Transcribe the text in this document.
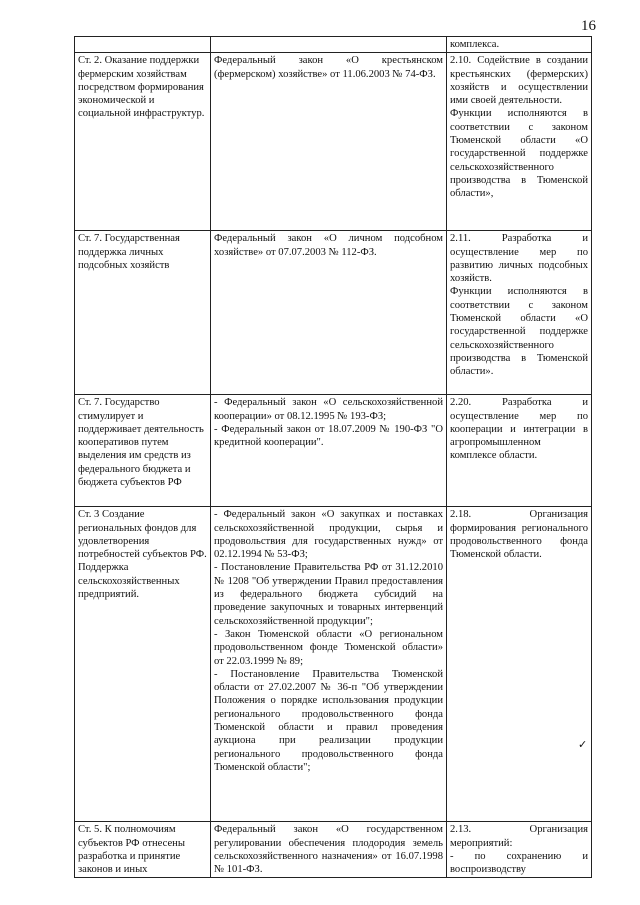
16

		комплекса.

Ст. 2. Оказание поддержки фермерским хозяйствам посредством формирования экономической и социальной инфраструктур.	Федеральный закон «О крестьянском (фермерском) хозяйстве» от 11.06.2003 № 74-ФЗ.	2.10. Содействие в создании крестьянских (фермерских) хозяйств и осуществлении ими своей деятельности.
Функции исполняются в соответствии с законом Тюменской области «О государственной поддержке сельскохозяйственного производства в Тюменской области»,

Ст. 7. Государственная поддержка личных подсобных хозяйств	Федеральный закон «О личном подсобном хозяйстве» от 07.07.2003 № 112-ФЗ.	2.11. Разработка и осуществление мер по развитию личных подсобных хозяйств.
Функции исполняются в соответствии с законом Тюменской области «О государственной поддержке сельскохозяйственного производства в Тюменской области».

Ст. 7. Государство стимулирует и поддерживает деятельность кооперативов путем выделения им средств из федерального бюджета и бюджета субъектов РФ	- Федеральный закон «О сельскохозяйственной кооперации» от 08.12.1995 № 193-ФЗ;
- Федеральный закон от 18.07.2009 № 190-ФЗ "О кредитной кооперации".	2.20. Разработка и осуществление мер по кооперации и интеграции в агропромышленном комплексе области.

Ст. 3 Создание региональных фондов для удовлетворения потребностей субъектов РФ.
Поддержка сельскохозяйственных предприятий.	- Федеральный закон «О закупках и поставках сельскохозяйственной продукции, сырья и продовольствия для государственных нужд» от 02.12.1994 № 53-ФЗ;
- Постановление Правительства РФ от 31.12.2010 № 1208 "Об утверждении Правил предоставления из федерального бюджета субсидий на проведение закупочных и товарных интервенций сельскохозяйственной продукции";
- Закон Тюменской области «О региональном продовольственном фонде Тюменской области» от 22.03.1999 № 89;
- Постановление Правительства Тюменской области от 27.02.2007 № 36-п "Об утверждении Положения о порядке использования продукции регионального продовольственного фонда Тюменской области и правил проведения аукциона при реализации продукции регионального продовольственного фонда Тюменской области";	2.18. Организация формирования регионального продовольственного фонда Тюменской области.

Ст. 5. К полномочиям субъектов РФ отнесены разработка и принятие законов и иных	Федеральный закон «О государственном регулировании обеспечения плодородия земель сельскохозяйственного назначения» от 16.07.1998 № 101-ФЗ.	2.13. Организация мероприятий:
- по сохранению и воспроизводству
✓
